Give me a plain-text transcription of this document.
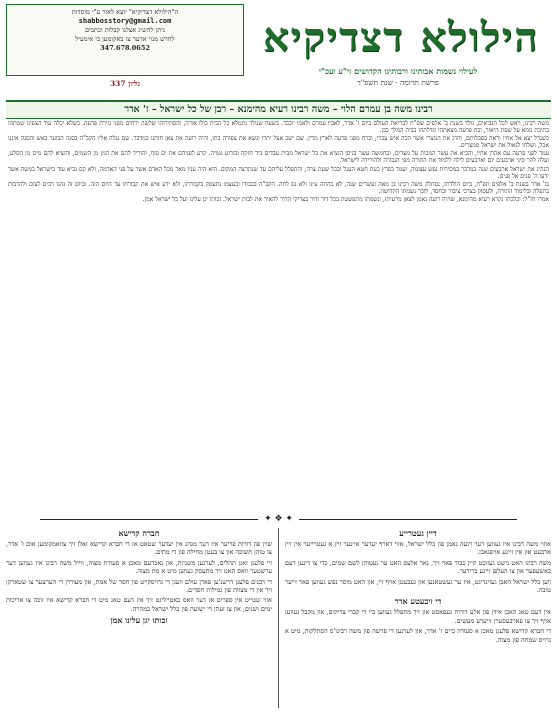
הילולא דצדיקיא
לעילוי נשמות אבותינו ורבותינו הקדושים זי"ע ועכ"י
פרשת תרומה · שנת תשפ"ד
ה"הילולא דצדיקיא" יוצא לאור ע"י מוסדות
shabbosstory@gmail.com
ניתן להשיג אצלנו קבלות וכתבים
לחדש מנוי אדער צו באקומען בי אימעיל
347.678.0652
גליון 337
רבינו משה בן עמרם הלוי – משה רבינו רעיא מהימנא – רבן של כל ישראל – ז' אדר

משה רבינו, ראש לכל הנביאים, נולד בשנת ב' אלפים שס"ח לבריאת העולם ביום ז' אדר, לאביו עמרם ולאמו יוכבד. בשעה שנולד נתמלא כל הבית כולו אורה, והסתירוהו שלשה ירחים מפני גזירת פרעה. כשלא יכלה עוד הצפינו שמתהו בתיבת גומא על שפת היאור, ובת פרעה מצאתהו וגדלתהו בבית המלך כבן.

כשגדל יצא אל אחיו וראה בסבלותם, והרג את המצרי אשר הכה איש עברי, וברח מפני פרעה לארץ מדין. שם ישב אצל יתרו ונשא את צפורה בתו, והיה רועה את צאן חותנו במדבר. שם נגלה אליו הקב"ה בסנה הבוער באש והסנה איננו אכל, ושלחו לגאול את ישראל ממצרים.

עמד לפני פרעה עם אהרן אחיו, והביא את עשר המכות על מצרים, ובחמשה עשר בניסן הוציא את כל ישראל מבית עבדים ביד חזקה ובזרוע נטויה. קרע לפניהם את ים סוף, והוריד להם את המן מן השמים, והוציא להם מים מן הסלע, ועלה להר סיני ארבעים יום וארבעים לילה ללמוד את התורה מפי הגבורה ולהורידה לישראל.

הנהיג את ישראל ארבעים שנה במדבר במסירות נפש עצומה, ועמד בפרץ בעת חטא העגל ובכל שעת צרה, והתפלל עליהם עד שנתרצה המקום. הוא היה עניו מאד מכל האדם אשר על פני האדמה, ולא קם נביא עוד בישראל כמשה אשר ידעו ה' פנים אל פנים.

בז' אדר בשנת ב' אלפים תפ"ח, ביום הולדתו, נסתלק משה רבינו בן מאה ועשרים שנה, לא כהתה עינו ולא נס לחה. הקב"ה בכבודו ובעצמו נתעסק בקבורתו, ולא ידע איש את קבורתו עד היום הזה. וביום זה נהגו רבים לצום ולהרבות בתפלה ובלימוד התורה, ולעסוק בצרכי ציבור ובחסד, לזכר נשמתו הקדושה.

אמרו חז"ל: ובלכתו נקרא רעיא מהימנא, שהיה רועה נאמן לצאן מרעיתו, ונשמתו מתפשטת בכל דור ודור בצדיקי הדור להאיר את לבות ישראל. זכותו יגן עלינו ועל כל ישראל אמן.

✦ ❖ ✦
דיין געטרייע

אוזוי משה רבינו איז געווען דער רועה נאמן פון כלל ישראל, אזוי דארף יעדער איינער זיין א געטרייער אין זיין ארבעט און אין זיינע אויפגאבן.

משה רבינו האט נישט געזוכט קיין כבוד פאר זיך, נאר אלעס האט ער געטוהן לשם שמים, כדי צו דינען דעם באשעפער און צו העלפן זיינע ברידער.

ווען כלל ישראל האבן געזינדיגט, איז ער געשטאנען און געבעטן אויף זיי, און האט מוסר נפש געווען פאר זייער טובה.

די זיבעטע אדר

אין דעם טאג האבן אידן פון אלע דורות געפאסט און זיך מתפלל געווען ביי די קברי צדיקים, און מקבל געווען אויף זיך צו פארבעסערן זייערע מעשים.

די חברא קדישא פלעגן מאכן א סעודה ביים ז' אדר, און לערנען די פרשה פון משה רבינו'ס הסתלקות, מיט א גרויס שמחה פון מצוה.

חברה קדישא

שוין פון דורות פריער איז דער מנהג אין יעדער שטאט אז די חברא קדישא זאלן זיך צוזאמקומען אום ז' אדר, צו טוהן תשובה און צו בעטן מחילה פון די מתים.

זיי פלעגן זאגן תהלים, לערנען משניות, און נאכדעם מאכן א סעודת מצוה, ווייל משה רבינו איז געווען דער ערשטער וואס האט זיך מתעסק געווען מיט א מת מצוה.

די רבנים פלעגן דרשנ'ען פארן עולם וועגן די גרויסקייט פון חסד של אמת, און מעוררן די הערצער צו שטארקן זיך אין די מצוות פון גמילות חסדים.

אזוי שטייט אין ספרים אז דער וואס באטייליגט זיך אין דעם טאג מיט די חברא קדישא איז זוכה צו אריכות ימים ושנים, און צו זעהן די ישועה פון כלל ישראל במהרה.

זכותו יגן עלינו אמן
